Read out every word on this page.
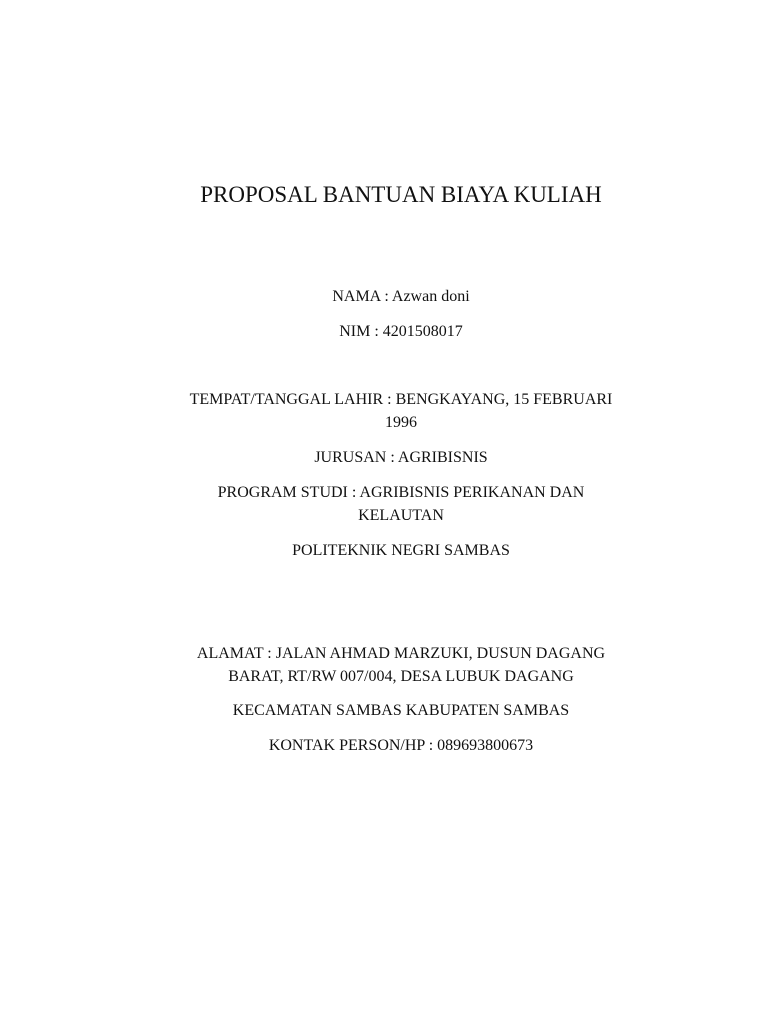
PROPOSAL BANTUAN BIAYA KULIAH
NAMA : Azwan doni
NIM : 4201508017
TEMPAT/TANGGAL LAHIR : BENGKAYANG, 15 FEBRUARI
1996
JURUSAN : AGRIBISNIS
PROGRAM STUDI : AGRIBISNIS PERIKANAN DAN
KELAUTAN
POLITEKNIK NEGRI SAMBAS
ALAMAT : JALAN AHMAD MARZUKI, DUSUN DAGANG
BARAT, RT/RW 007/004, DESA LUBUK DAGANG
KECAMATAN SAMBAS KABUPATEN SAMBAS
KONTAK PERSON/HP : 089693800673
